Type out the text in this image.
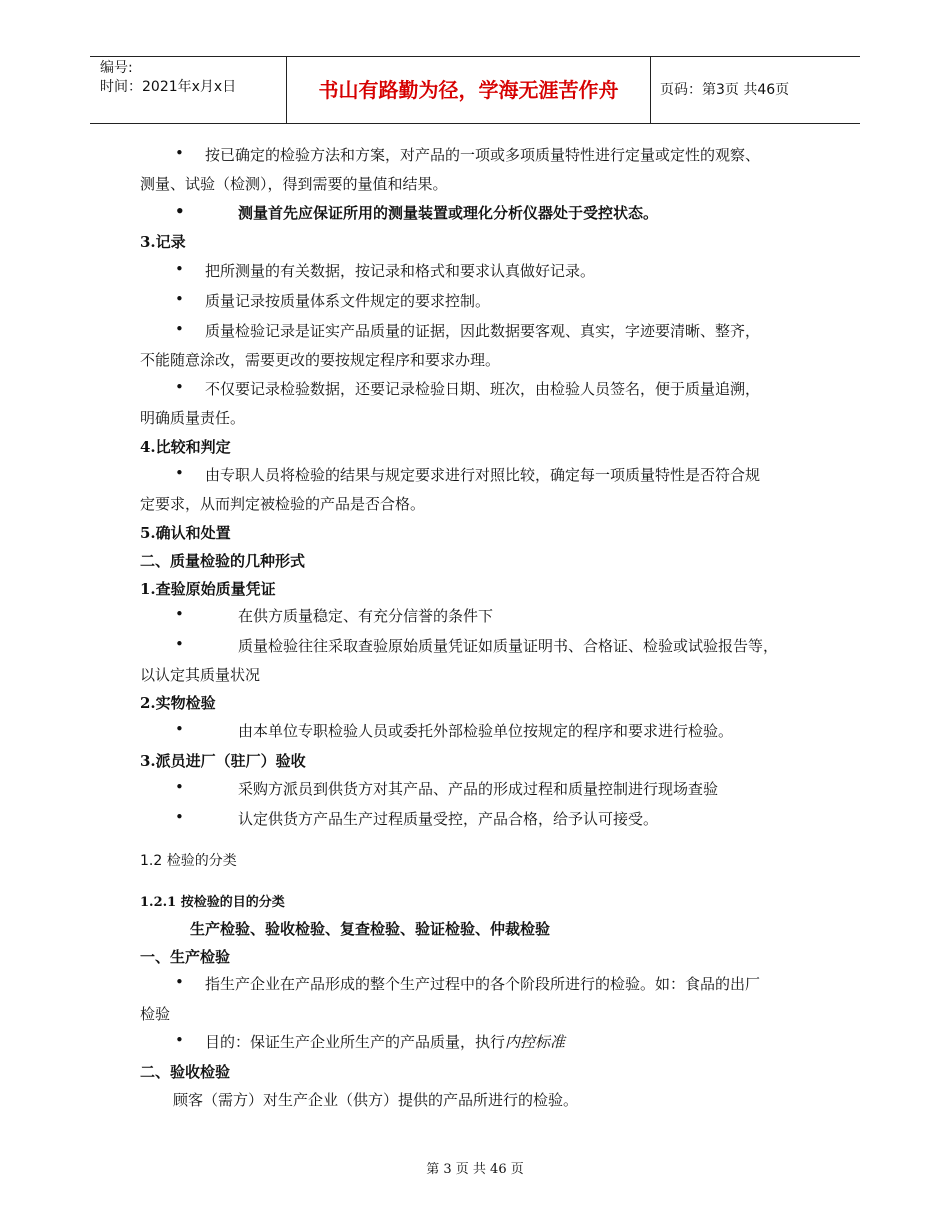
编号:
时间：2021年x月x日	书山有路勤为径，学海无涯苦作舟	页码：第3页 共46页
• 按已确定的检验方法和方案，对产品的一项或多项质量特性进行定量或定性的观察、
测量、试验（检测），得到需要的量值和结果。
•	测量首先应保证所用的测量装置或理化分析仪器处于受控状态。
3.记录
• 把所测量的有关数据，按记录和格式和要求认真做好记录。
• 质量记录按质量体系文件规定的要求控制。
• 质量检验记录是证实产品质量的证据，因此数据要客观、真实，字迹要清晰、整齐，
不能随意涂改，需要更改的要按规定程序和要求办理。
• 不仅要记录检验数据，还要记录检验日期、班次，由检验人员签名，便于质量追溯，
明确质量责任。
4.比较和判定
• 由专职人员将检验的结果与规定要求进行对照比较，确定每一项质量特性是否符合规
定要求，从而判定被检验的产品是否合格。
5.确认和处置
二、质量检验的几种形式
1.查验原始质量凭证
•	在供方质量稳定、有充分信誉的条件下
•	质量检验往往采取查验原始质量凭证如质量证明书、合格证、检验或试验报告等，
以认定其质量状况
2.实物检验
•	由本单位专职检验人员或委托外部检验单位按规定的程序和要求进行检验。
3.派员进厂（驻厂）验收
•	采购方派员到供货方对其产品、产品的形成过程和质量控制进行现场查验
•	认定供货方产品生产过程质量受控，产品合格，给予认可接受。
1.2 检验的分类
1.2.1 按检验的目的分类
生产检验、验收检验、复查检验、验证检验、仲裁检验
一、生产检验
• 指生产企业在产品形成的整个生产过程中的各个阶段所进行的检验。如：食品的出厂
检验
• 目的：保证生产企业所生产的产品质量，执行内控标准
二、验收检验
顾客（需方）对生产企业（供方）提供的产品所进行的检验。
第 3 页 共 46 页
